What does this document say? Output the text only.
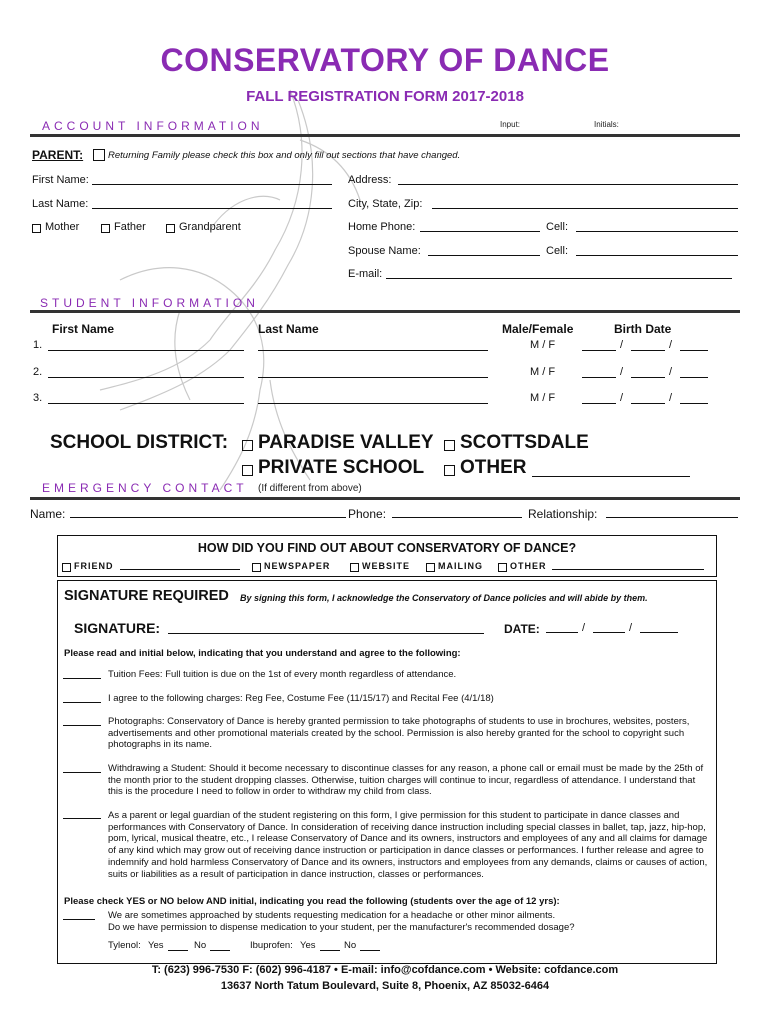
CONSERVATORY OF DANCE
FALL REGISTRATION FORM 2017-2018
ACCOUNT INFORMATION	Input:	Initials:
PARENT:	Returning Family please check this box and only fill out sections that have changed.
First Name:
Last Name:
Mother	Father	Grandparent
Address:
City, State, Zip:
Home Phone:	Cell:
Spouse Name:	Cell:
E-mail:
STUDENT INFORMATION
First Name	Last Name	Male/Female	Birth Date
1.	M / F	/	/
2.	M / F	/	/
3.	M / F	/	/
SCHOOL DISTRICT: PARADISE VALLEY SCOTTSDALE
PRIVATE SCHOOL OTHER
EMERGENCY CONTACT (If different from above)
Name:	Phone:	Relationship:
HOW DID YOU FIND OUT ABOUT CONSERVATORY OF DANCE?
FRIEND	NEWSPAPER	WEBSITE	MAILING	OTHER
SIGNATURE REQUIRED By signing this form, I acknowledge the Conservatory of Dance policies and will abide by them.
SIGNATURE:	DATE:	/	/
Please read and initial below, indicating that you understand and agree to the following:
Tuition Fees: Full tuition is due on the 1st of every month regardless of attendance.
I agree to the following charges: Reg Fee, Costume Fee (11/15/17) and Recital Fee (4/1/18)
Photographs: Conservatory of Dance is hereby granted permission to take photographs of students to use in brochures, websites, posters, advertisements and other promotional materials created by the school. Permission is also hereby granted for the school to copyright such photographs in its name.
Withdrawing a Student: Should it become necessary to discontinue classes for any reason, a phone call or email must be made by the 25th of the month prior to the student dropping classes. Otherwise, tuition charges will continue to incur, regardless of attendance. I understand that this is the procedure I need to follow in order to withdraw my child from class.
As a parent or legal guardian of the student registering on this form, I give permission for this student to participate in dance classes and performances with Conservatory of Dance. In consideration of receiving dance instruction including special classes in ballet, tap, jazz, hip-hop, pom, lyrical, musical theatre, etc., I release Conservatory of Dance and its owners, instructors and employees of any and all claims for damage of any kind which may grow out of receiving dance instruction or participation in dance classes or performances. I further release and agree to indemnify and hold harmless Conservatory of Dance and its owners, instructors and employees from any demands, claims or causes of action, suits or liabilities as a result of participation in dance instruction, classes or performances.
Please check YES or NO below AND initial, indicating you read the following (students over the age of 12 yrs):
We are sometimes approached by students requesting medication for a headache or other minor ailments.
Do we have permission to dispense medication to your student, per the manufacturer's recommended dosage?
Tylenol: Yes	No	Ibuprofen: Yes	No
T: (623) 996-7530 F: (602) 996-4187 • E-mail: info@cofdance.com • Website: cofdance.com
13637 North Tatum Boulevard, Suite 8, Phoenix, AZ 85032-6464
